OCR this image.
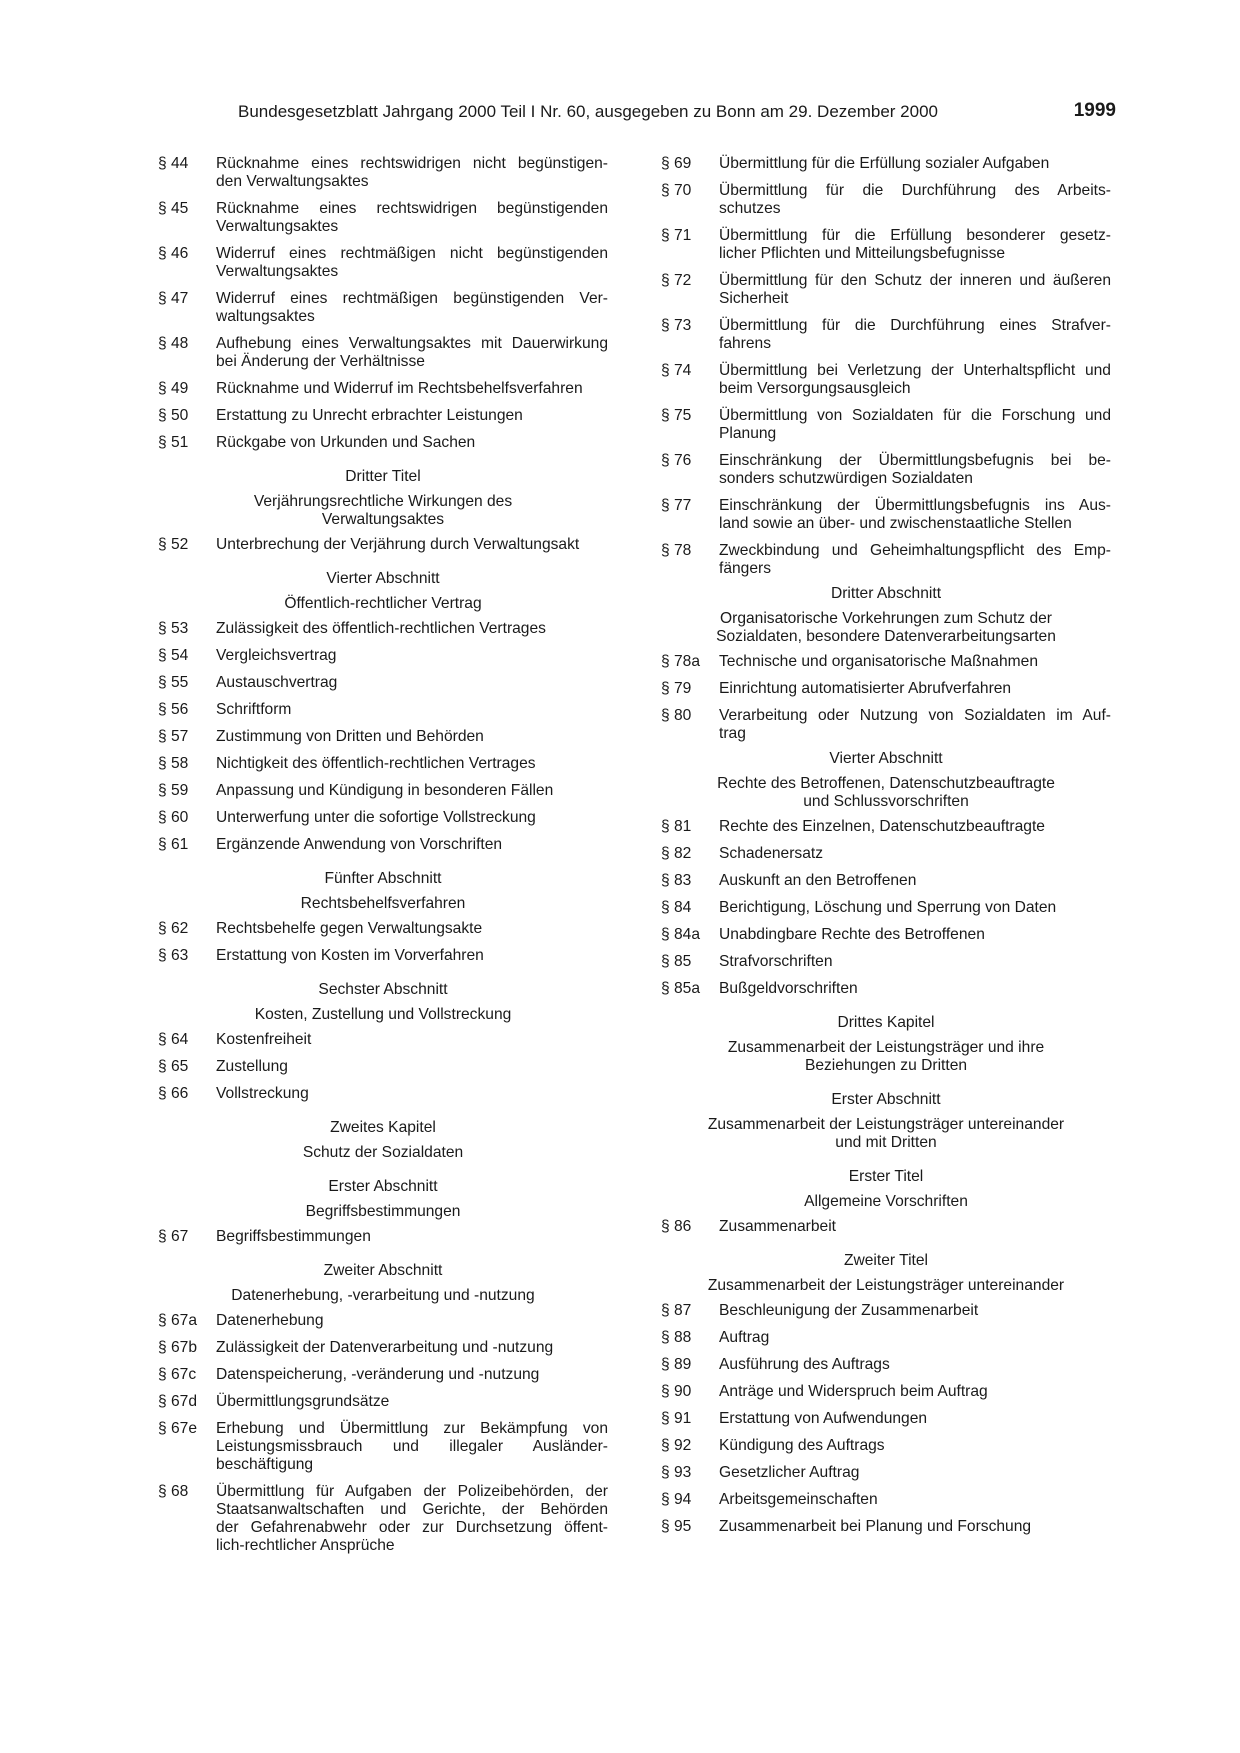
Bundesgesetzblatt Jahrgang 2000 Teil I Nr. 60, ausgegeben zu Bonn am 29. Dezember 2000	1999
§ 44 Rücknahme eines rechtswidrigen nicht begünstigen-
den Verwaltungsaktes
§ 45 Rücknahme eines rechtswidrigen begünstigenden
Verwaltungsaktes
§ 46 Widerruf eines rechtmäßigen nicht begünstigenden
Verwaltungsaktes
§ 47 Widerruf eines rechtmäßigen begünstigenden Ver-
waltungsaktes
§ 48 Aufhebung eines Verwaltungsaktes mit Dauerwirkung
bei Änderung der Verhältnisse
§ 49 Rücknahme und Widerruf im Rechtsbehelfsverfahren
§ 50 Erstattung zu Unrecht erbrachter Leistungen
§ 51 Rückgabe von Urkunden und Sachen
Dritter Titel
Verjährungsrechtliche Wirkungen des
Verwaltungsaktes
§ 52 Unterbrechung der Verjährung durch Verwaltungsakt
Vierter Abschnitt
Öffentlich-rechtlicher Vertrag
§ 53 Zulässigkeit des öffentlich-rechtlichen Vertrages
§ 54 Vergleichsvertrag
§ 55 Austauschvertrag
§ 56 Schriftform
§ 57 Zustimmung von Dritten und Behörden
§ 58 Nichtigkeit des öffentlich-rechtlichen Vertrages
§ 59 Anpassung und Kündigung in besonderen Fällen
§ 60 Unterwerfung unter die sofortige Vollstreckung
§ 61 Ergänzende Anwendung von Vorschriften
Fünfter Abschnitt
Rechtsbehelfsverfahren
§ 62 Rechtsbehelfe gegen Verwaltungsakte
§ 63 Erstattung von Kosten im Vorverfahren
Sechster Abschnitt
Kosten, Zustellung und Vollstreckung
§ 64 Kostenfreiheit
§ 65 Zustellung
§ 66 Vollstreckung
Zweites Kapitel
Schutz der Sozialdaten
Erster Abschnitt
Begriffsbestimmungen
§ 67 Begriffsbestimmungen
Zweiter Abschnitt
Datenerhebung, -verarbeitung und -nutzung
§ 67a Datenerhebung
§ 67b Zulässigkeit der Datenverarbeitung und -nutzung
§ 67c Datenspeicherung, -veränderung und -nutzung
§ 67d Übermittlungsgrundsätze
§ 67e Erhebung und Übermittlung zur Bekämpfung von
Leistungsmissbrauch und illegaler Ausländer-
beschäftigung
§ 68 Übermittlung für Aufgaben der Polizeibehörden, der
Staatsanwaltschaften und Gerichte, der Behörden
der Gefahrenabwehr oder zur Durchsetzung öffent-
lich-rechtlicher Ansprüche
§ 69 Übermittlung für die Erfüllung sozialer Aufgaben
§ 70 Übermittlung für die Durchführung des Arbeits-
schutzes
§ 71 Übermittlung für die Erfüllung besonderer gesetz-
licher Pflichten und Mitteilungsbefugnisse
§ 72 Übermittlung für den Schutz der inneren und äußeren
Sicherheit
§ 73 Übermittlung für die Durchführung eines Strafver-
fahrens
§ 74 Übermittlung bei Verletzung der Unterhaltspflicht und
beim Versorgungsausgleich
§ 75 Übermittlung von Sozialdaten für die Forschung und
Planung
§ 76 Einschränkung der Übermittlungsbefugnis bei be-
sonders schutzwürdigen Sozialdaten
§ 77 Einschränkung der Übermittlungsbefugnis ins Aus-
land sowie an über- und zwischenstaatliche Stellen
§ 78 Zweckbindung und Geheimhaltungspflicht des Emp-
fängers
Dritter Abschnitt
Organisatorische Vorkehrungen zum Schutz der
Sozialdaten, besondere Datenverarbeitungsarten
§ 78a Technische und organisatorische Maßnahmen
§ 79 Einrichtung automatisierter Abrufverfahren
§ 80 Verarbeitung oder Nutzung von Sozialdaten im Auf-
trag
Vierter Abschnitt
Rechte des Betroffenen, Datenschutzbeauftragte
und Schlussvorschriften
§ 81 Rechte des Einzelnen, Datenschutzbeauftragte
§ 82 Schadenersatz
§ 83 Auskunft an den Betroffenen
§ 84 Berichtigung, Löschung und Sperrung von Daten
§ 84a Unabdingbare Rechte des Betroffenen
§ 85 Strafvorschriften
§ 85a Bußgeldvorschriften
Drittes Kapitel
Zusammenarbeit der Leistungsträger und ihre
Beziehungen zu Dritten
Erster Abschnitt
Zusammenarbeit der Leistungsträger untereinander
und mit Dritten
Erster Titel
Allgemeine Vorschriften
§ 86 Zusammenarbeit
Zweiter Titel
Zusammenarbeit der Leistungsträger untereinander
§ 87 Beschleunigung der Zusammenarbeit
§ 88 Auftrag
§ 89 Ausführung des Auftrags
§ 90 Anträge und Widerspruch beim Auftrag
§ 91 Erstattung von Aufwendungen
§ 92 Kündigung des Auftrags
§ 93 Gesetzlicher Auftrag
§ 94 Arbeitsgemeinschaften
§ 95 Zusammenarbeit bei Planung und Forschung
